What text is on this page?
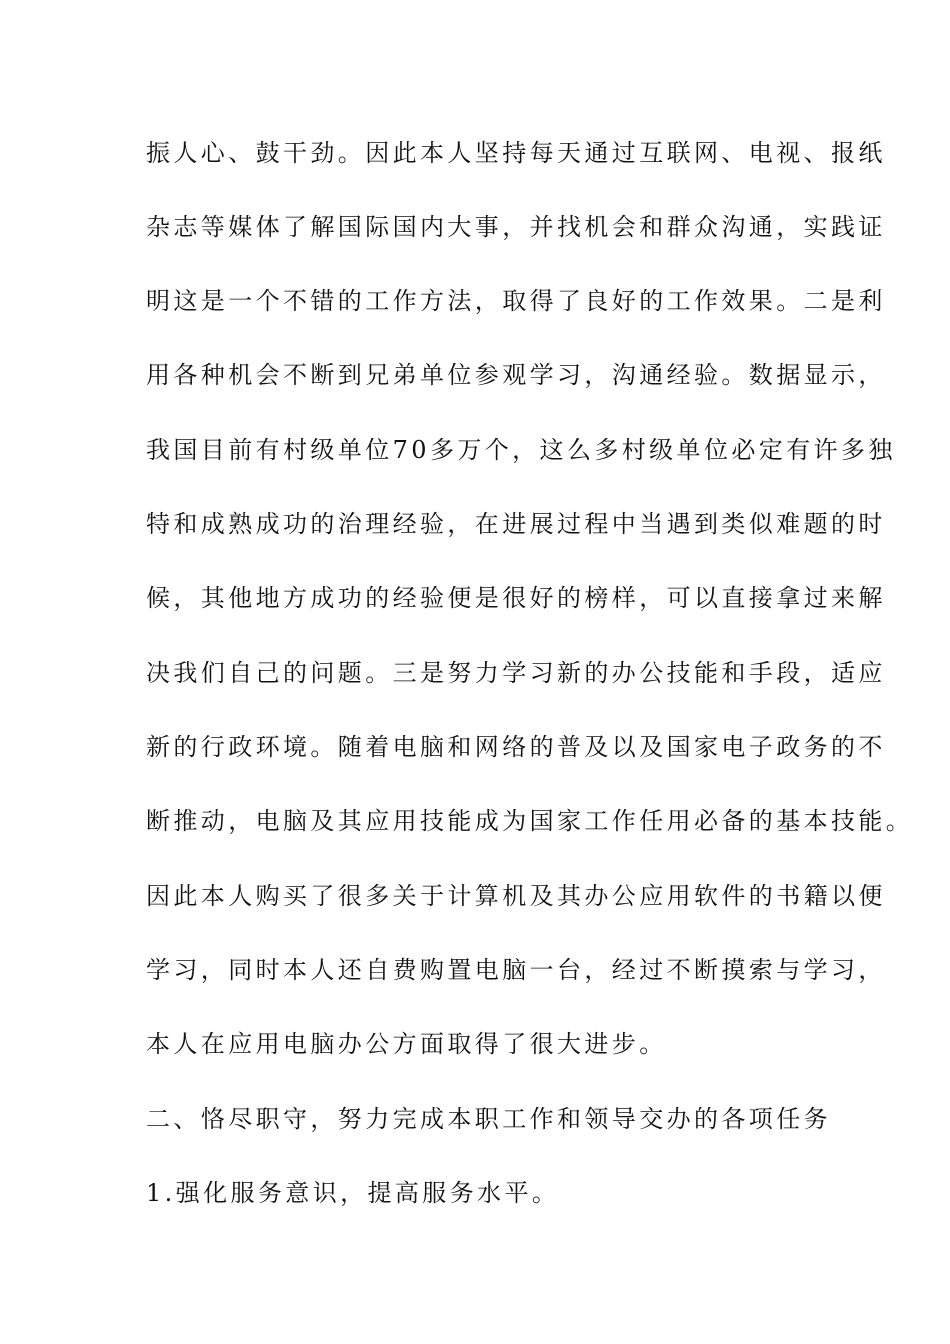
振人心、鼓干劲。因此本人坚持每天通过互联网、电视、报纸
杂志等媒体了解国际国内大事，并找机会和群众沟通，实践证
明这是一个不错的工作方法，取得了良好的工作效果。二是利
用各种机会不断到兄弟单位参观学习，沟通经验。数据显示，
我国目前有村级单位70多万个，这么多村级单位必定有许多独
特和成熟成功的治理经验，在进展过程中当遇到类似难题的时
候，其他地方成功的经验便是很好的榜样，可以直接拿过来解
决我们自己的问题。三是努力学习新的办公技能和手段，适应
新的行政环境。随着电脑和网络的普及以及国家电子政务的不
断推动，电脑及其应用技能成为国家工作任用必备的基本技能。
因此本人购买了很多关于计算机及其办公应用软件的书籍以便
学习，同时本人还自费购置电脑一台，经过不断摸索与学习，
本人在应用电脑办公方面取得了很大进步。
二、恪尽职守，努力完成本职工作和领导交办的各项任务
1.强化服务意识，提高服务水平。
